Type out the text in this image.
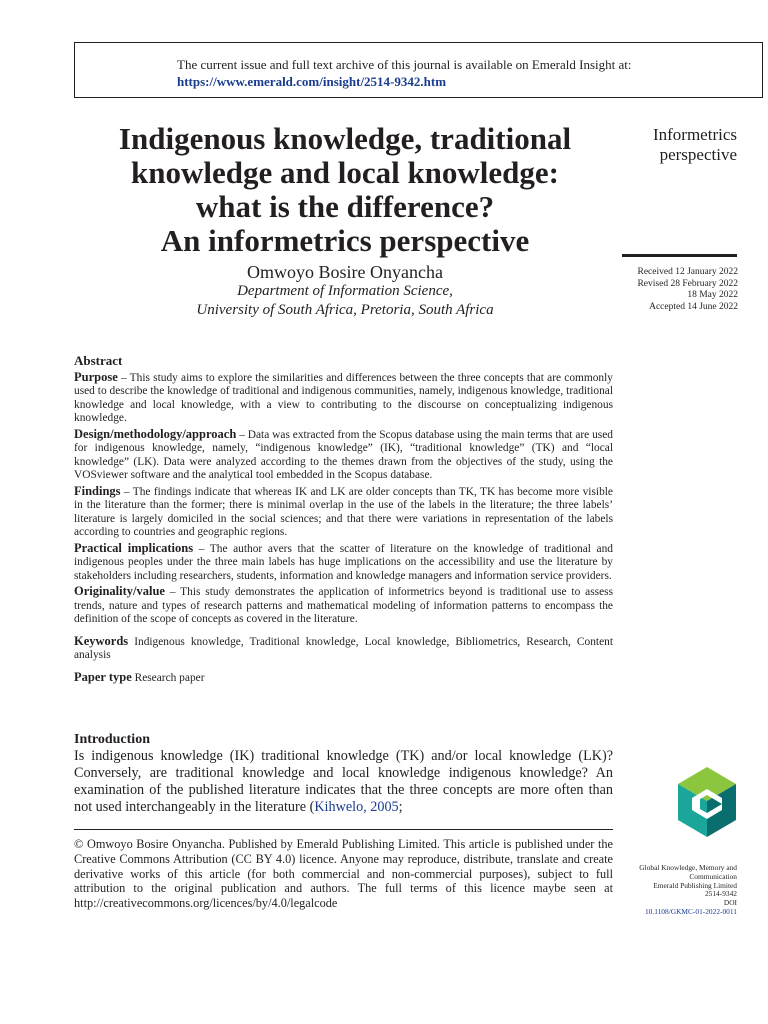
The current issue and full text archive of this journal is available on Emerald Insight at:
https://www.emerald.com/insight/2514-9342.htm
Indigenous knowledge, traditional
knowledge and local knowledge:
what is the difference?
An informetrics perspective
Informetrics
perspective
Received 12 January 2022
Revised 28 February 2022
18 May 2022
Accepted 14 June 2022
Omwoyo Bosire Onyancha
Department of Information Science,
University of South Africa, Pretoria, South Africa
Abstract

Purpose – This study aims to explore the similarities and differences between the three concepts that are commonly used to describe the knowledge of traditional and indigenous communities, namely, indigenous knowledge, traditional knowledge and local knowledge, with a view to contributing to the discourse on conceptualizing indigenous knowledge.

Design/methodology/approach – Data was extracted from the Scopus database using the main terms that are used for indigenous knowledge, namely, “indigenous knowledge” (IK), “traditional knowledge” (TK) and “local knowledge” (LK). Data were analyzed according to the themes drawn from the objectives of the study, using the VOSviewer software and the analytical tool embedded in the Scopus database.

Findings – The findings indicate that whereas IK and LK are older concepts than TK, TK has become more visible in the literature than the former; there is minimal overlap in the use of the labels in the literature; the three labels’ literature is largely domiciled in the social sciences; and that there were variations in representation of the labels according to countries and geographic regions.

Practical implications – The author avers that the scatter of literature on the knowledge of traditional and indigenous peoples under the three main labels has huge implications on the accessibility and use the literature by stakeholders including researchers, students, information and knowledge managers and information service providers.

Originality/value – This study demonstrates the application of informetrics beyond is traditional use to assess trends, nature and types of research patterns and mathematical modeling of information patterns to encompass the definition of the scope of concepts as covered in the literature.

Keywords Indigenous knowledge, Traditional knowledge, Local knowledge, Bibliometrics, Research, Content analysis

Paper type Research paper

Introduction

Is indigenous knowledge (IK) traditional knowledge (TK) and/or local knowledge (LK)? Conversely, are traditional knowledge and local knowledge indigenous knowledge? An examination of the published literature indicates that the three concepts are more often than not used interchangeably in the literature (Kihwelo, 2005;

© Omwoyo Bosire Onyancha. Published by Emerald Publishing Limited. This article is published under the Creative Commons Attribution (CC BY 4.0) licence. Anyone may reproduce, distribute, translate and create derivative works of this article (for both commercial and non-commercial purposes), subject to full attribution to the original publication and authors. The full terms of this licence maybe seen at http://creativecommons.org/licences/by/4.0/legalcode
Global Knowledge, Memory and
Communication
Emerald Publishing Limited
2514-9342
DOI
10.1108/GKMC-01-2022-0011
